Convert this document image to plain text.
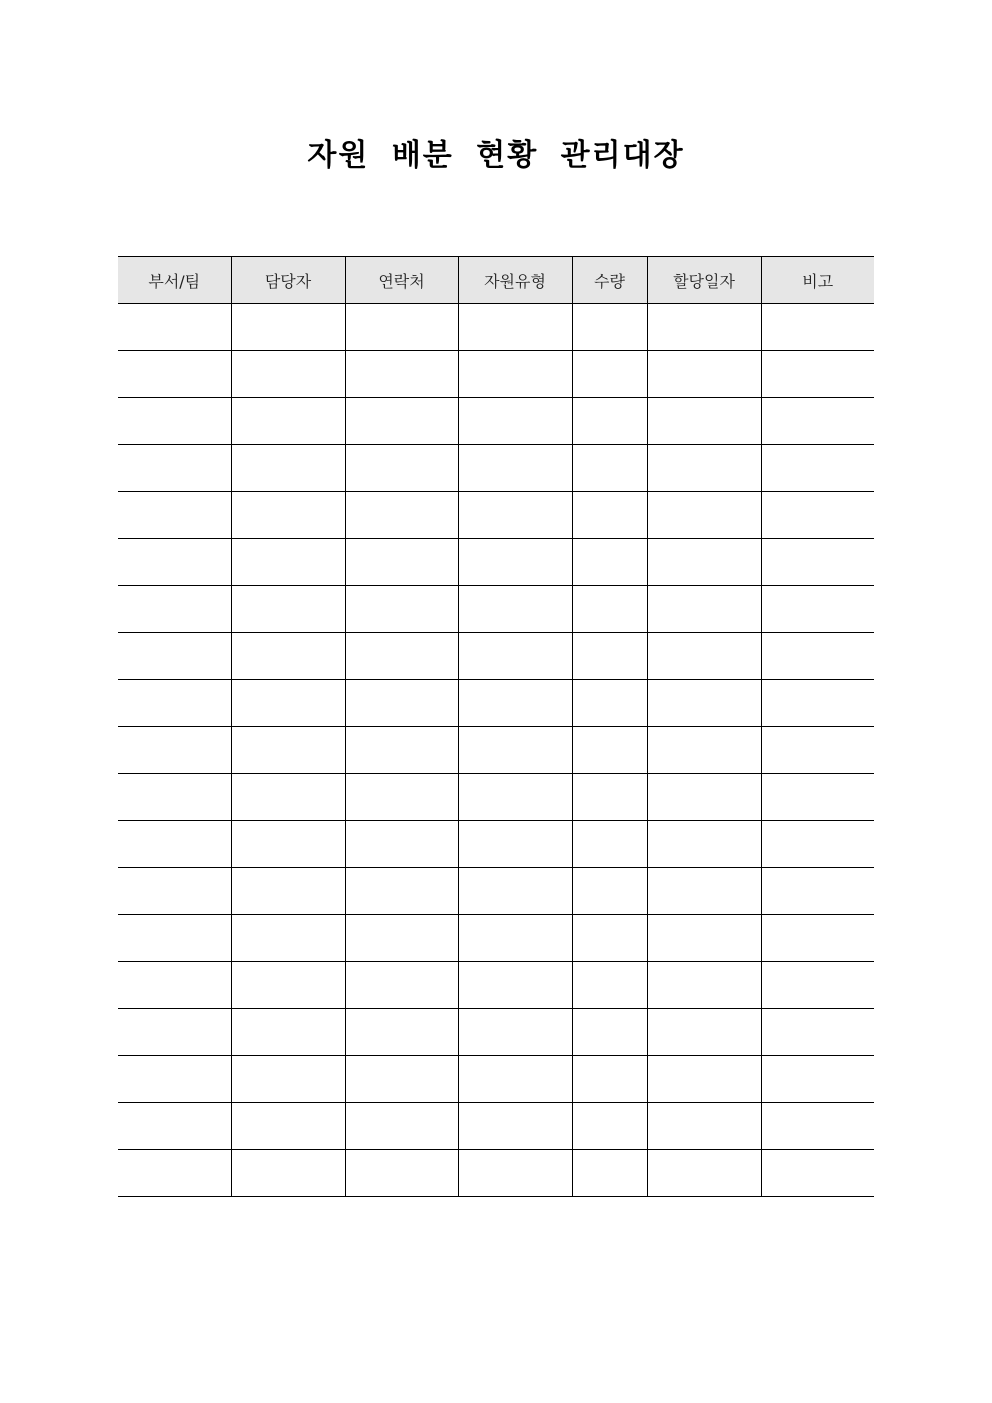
자원 배분 현황 관리대장
부서/팀	담당자	연락처	자원유형	수량	할당일자	비고
